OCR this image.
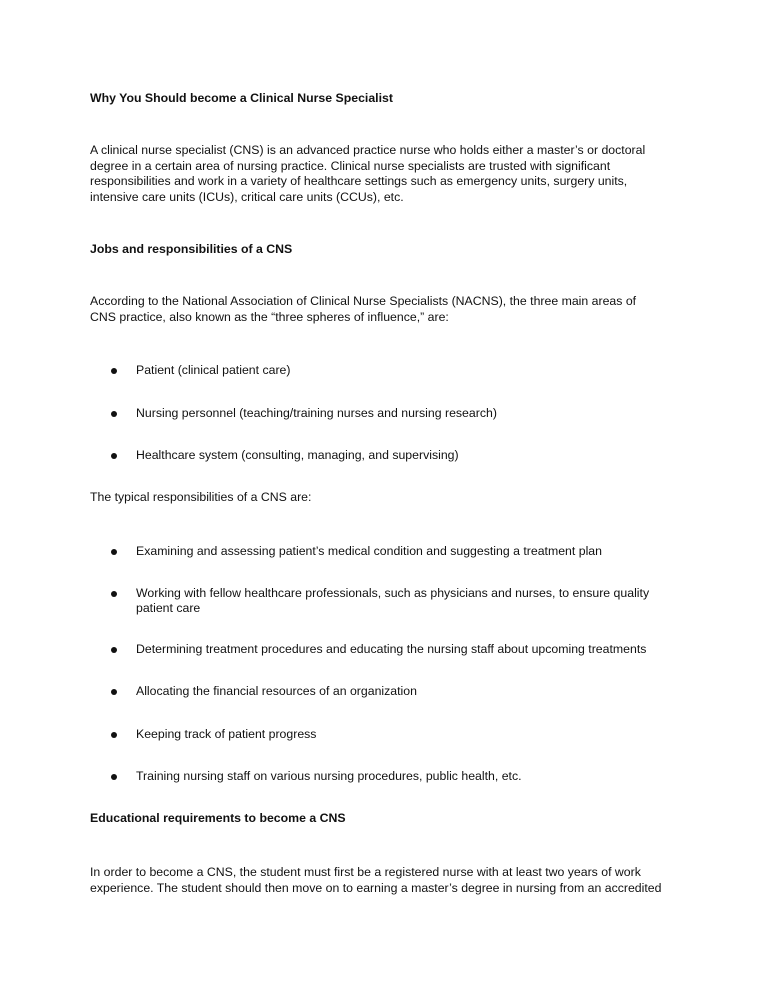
Why You Should become a Clinical Nurse Specialist

A clinical nurse specialist (CNS) is an advanced practice nurse who holds either a master’s or doctoral
degree in a certain area of nursing practice. Clinical nurse specialists are trusted with significant
responsibilities and work in a variety of healthcare settings such as emergency units, surgery units,
intensive care units (ICUs), critical care units (CCUs), etc.

Jobs and responsibilities of a CNS

According to the National Association of Clinical Nurse Specialists (NACNS), the three main areas of
CNS practice, also known as the “three spheres of influence,” are:

Patient (clinical patient care)
Nursing personnel (teaching/training nurses and nursing research)
Healthcare system (consulting, managing, and supervising)

The typical responsibilities of a CNS are:

Examining and assessing patient’s medical condition and suggesting a treatment plan
Working with fellow healthcare professionals, such as physicians and nurses, to ensure quality
patient care
Determining treatment procedures and educating the nursing staff about upcoming treatments
Allocating the financial resources of an organization
Keeping track of patient progress
Training nursing staff on various nursing procedures, public health, etc.
Educational requirements to become a CNS

In order to become a CNS, the student must first be a registered nurse with at least two years of work
experience. The student should then move on to earning a master’s degree in nursing from an accredited
